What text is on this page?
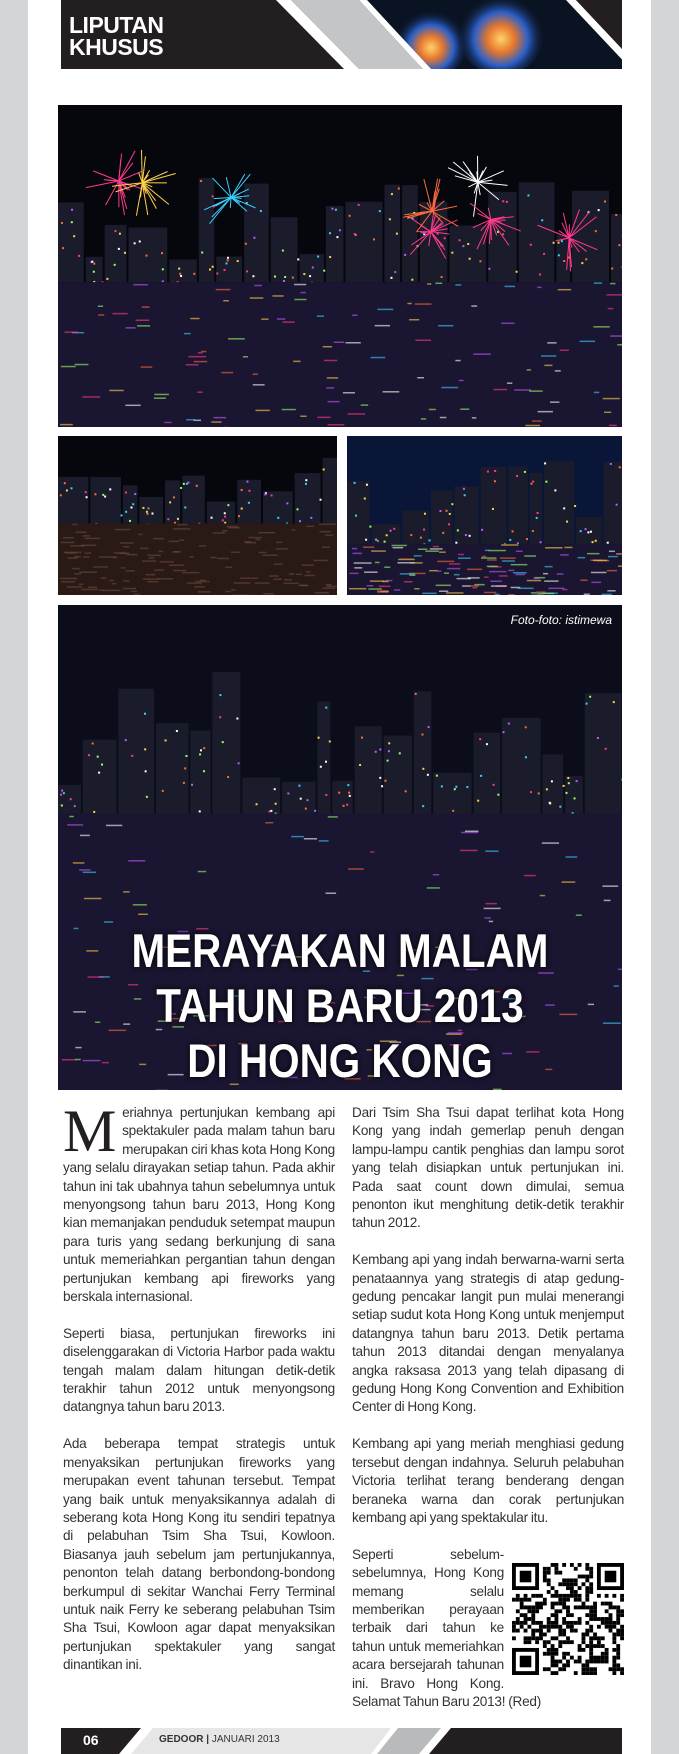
LIPUTAN
KHUSUS
Foto-foto: istimewa
MERAYAKAN MALAM
TAHUN BARU 2013
DI HONG KONG

Meriahnya pertunjukan kembang api spektakuler pada malam tahun baru merupakan ciri khas kota Hong Kong yang selalu dirayakan setiap tahun. Pada akhir tahun ini tak ubahnya tahun sebelumnya untuk menyongsong tahun baru 2013, Hong Kong kian memanjakan penduduk setempat maupun para turis yang sedang berkunjung di sana untuk memeriahkan pergantian tahun dengan pertunjukan kembang api fireworks yang berskala internasional.

Seperti biasa, pertunjukan fireworks ini diselenggarakan di Victoria Harbor pada waktu tengah malam dalam hitungan detik-detik terakhir tahun 2012 untuk menyongsong datangnya tahun baru 2013.

Ada beberapa tempat strategis untuk menyaksikan pertunjukan fireworks yang merupakan event tahunan tersebut. Tempat yang baik untuk menyaksikannya adalah di seberang kota Hong Kong itu sendiri tepatnya di pelabuhan Tsim Sha Tsui, Kowloon. Biasanya jauh sebelum jam pertunjukannya, penonton telah datang berbondong-bondong berkumpul di sekitar Wanchai Ferry Terminal untuk naik Ferry ke seberang pelabuhan Tsim Sha Tsui, Kowloon agar dapat menyaksikan pertunjukan spektakuler yang sangat dinantikan ini.

Dari Tsim Sha Tsui dapat terlihat kota Hong Kong yang indah gemerlap penuh dengan lampu-lampu cantik penghias dan lampu sorot yang telah disiapkan untuk pertunjukan ini. Pada saat count down dimulai, semua penonton ikut menghitung detik-detik terakhir tahun 2012.

Kembang api yang indah berwarna-warni serta penataannya yang strategis di atap gedung-gedung pencakar langit pun mulai menerangi setiap sudut kota Hong Kong untuk menjemput datangnya tahun baru 2013. Detik pertama tahun 2013 ditandai dengan menyalanya angka raksasa 2013 yang telah dipasang di gedung Hong Kong Convention and Exhibition Center di Hong Kong.

Kembang api yang meriah menghiasi gedung tersebut dengan indahnya. Seluruh pelabuhan Victoria terlihat terang benderang dengan beraneka warna dan corak pertunjukan kembang api yang spektakular itu.

Seperti sebelum-sebelumnya, Hong Kong memang selalu memberikan perayaan terbaik dari tahun ke tahun untuk memeriahkan acara bersejarah tahunan ini. Bravo Hong Kong. Selamat Tahun Baru 2013! (Red)

06	GEDOOR | JANUARI 2013
